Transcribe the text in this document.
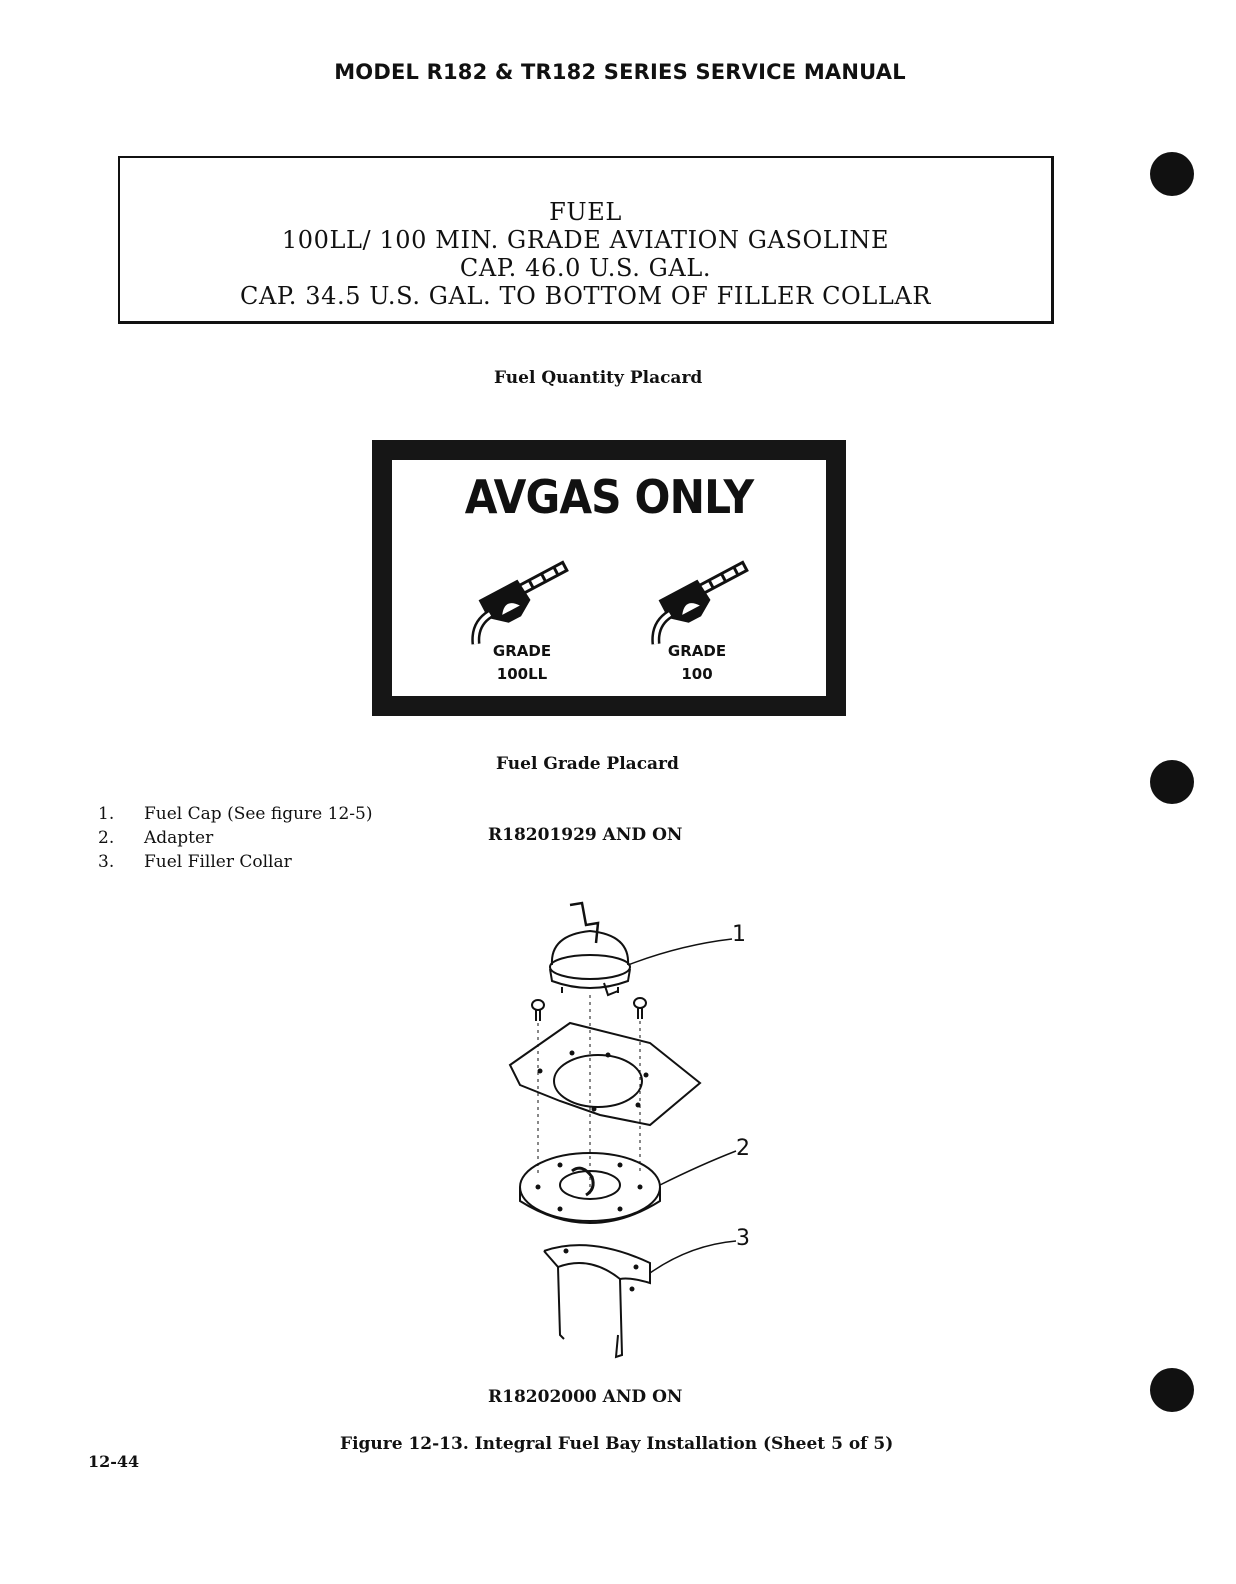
MODEL R182 & TR182 SERIES SERVICE MANUAL
FUEL
100LL/ 100 MIN. GRADE AVIATION GASOLINE
CAP. 46.0 U.S. GAL.
CAP. 34.5 U.S. GAL. TO BOTTOM OF FILLER COLLAR
Fuel Quantity Placard
AVGAS ONLY
GRADE
100LL
GRADE
100
Fuel Grade Placard
1. Fuel Cap (See figure 12-5)
2. Adapter
3. Fuel Filler Collar
R18201929 AND ON
1
2
3
R18202000 AND ON
Figure 12-13. Integral Fuel Bay Installation (Sheet 5 of 5)
12-44
